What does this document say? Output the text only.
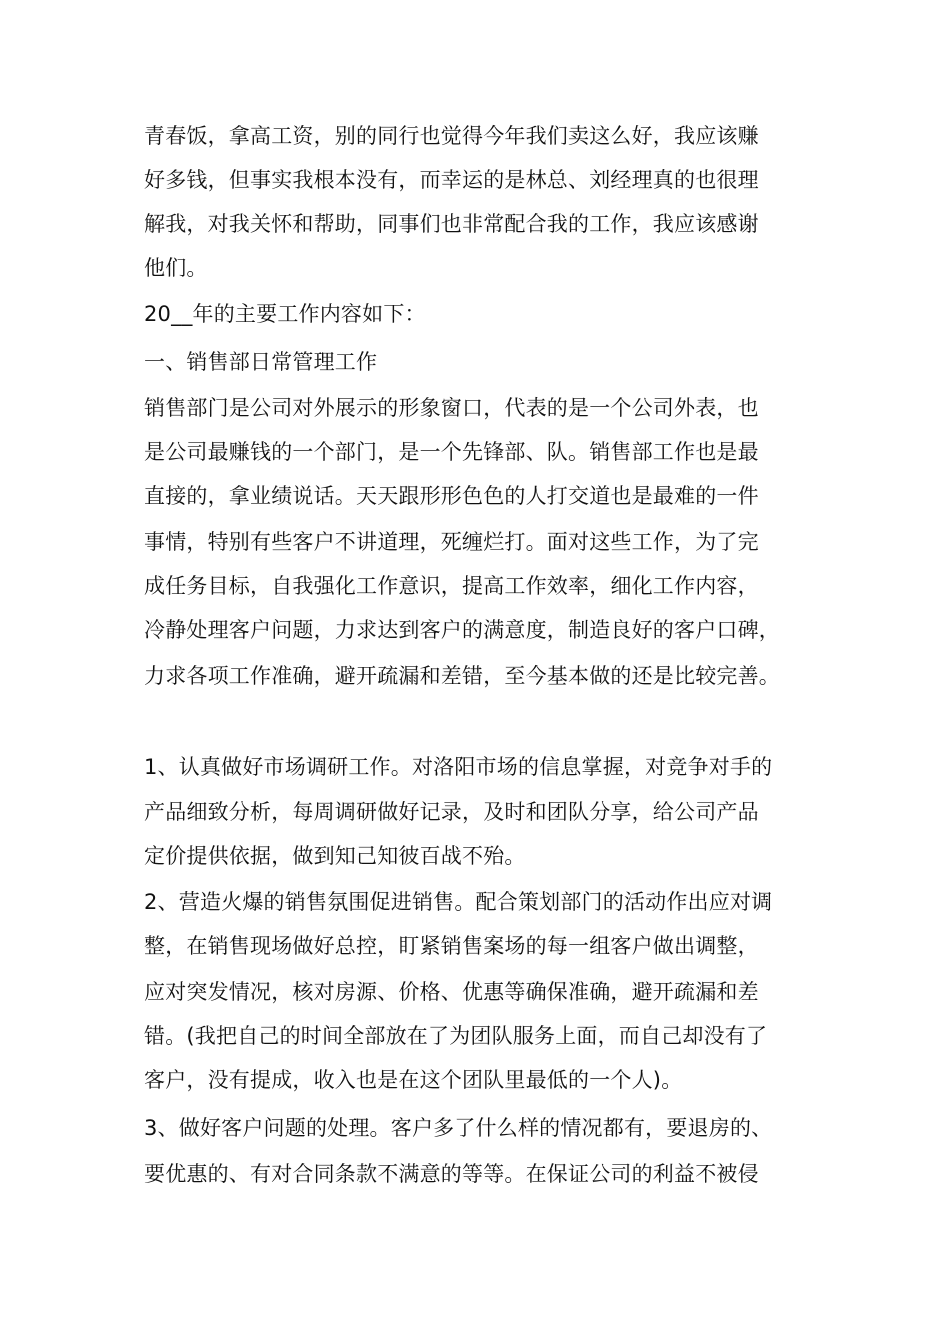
青春饭，拿高工资，别的同行也觉得今年我们卖这么好，我应该赚

好多钱，但事实我根本没有，而幸运的是林总、刘经理真的也很理

解我，对我关怀和帮助，同事们也非常配合我的工作，我应该感谢

他们。

20__年的主要工作内容如下：

一、销售部日常管理工作

销售部门是公司对外展示的形象窗口，代表的是一个公司外表，也

是公司最赚钱的一个部门，是一个先锋部、队。销售部工作也是最

直接的，拿业绩说话。天天跟形形色色的人打交道也是最难的一件

事情，特别有些客户不讲道理，死缠烂打。面对这些工作，为了完

成任务目标，自我强化工作意识，提高工作效率，细化工作内容，

冷静处理客户问题，力求达到客户的满意度，制造良好的客户口碑，

力求各项工作准确，避开疏漏和差错，至今基本做的还是比较完善。

1、认真做好市场调研工作。对洛阳市场的信息掌握，对竞争对手的

产品细致分析，每周调研做好记录，及时和团队分享，给公司产品

定价提供依据，做到知己知彼百战不殆。

2、营造火爆的销售氛围促进销售。配合策划部门的活动作出应对调

整，在销售现场做好总控，盯紧销售案场的每一组客户做出调整，

应对突发情况，核对房源、价格、优惠等确保准确，避开疏漏和差

错。(我把自己的时间全部放在了为团队服务上面，而自己却没有了

客户，没有提成，收入也是在这个团队里最低的一个人)。

3、做好客户问题的处理。客户多了什么样的情况都有，要退房的、

要优惠的、有对合同条款不满意的等等。在保证公司的利益不被侵
